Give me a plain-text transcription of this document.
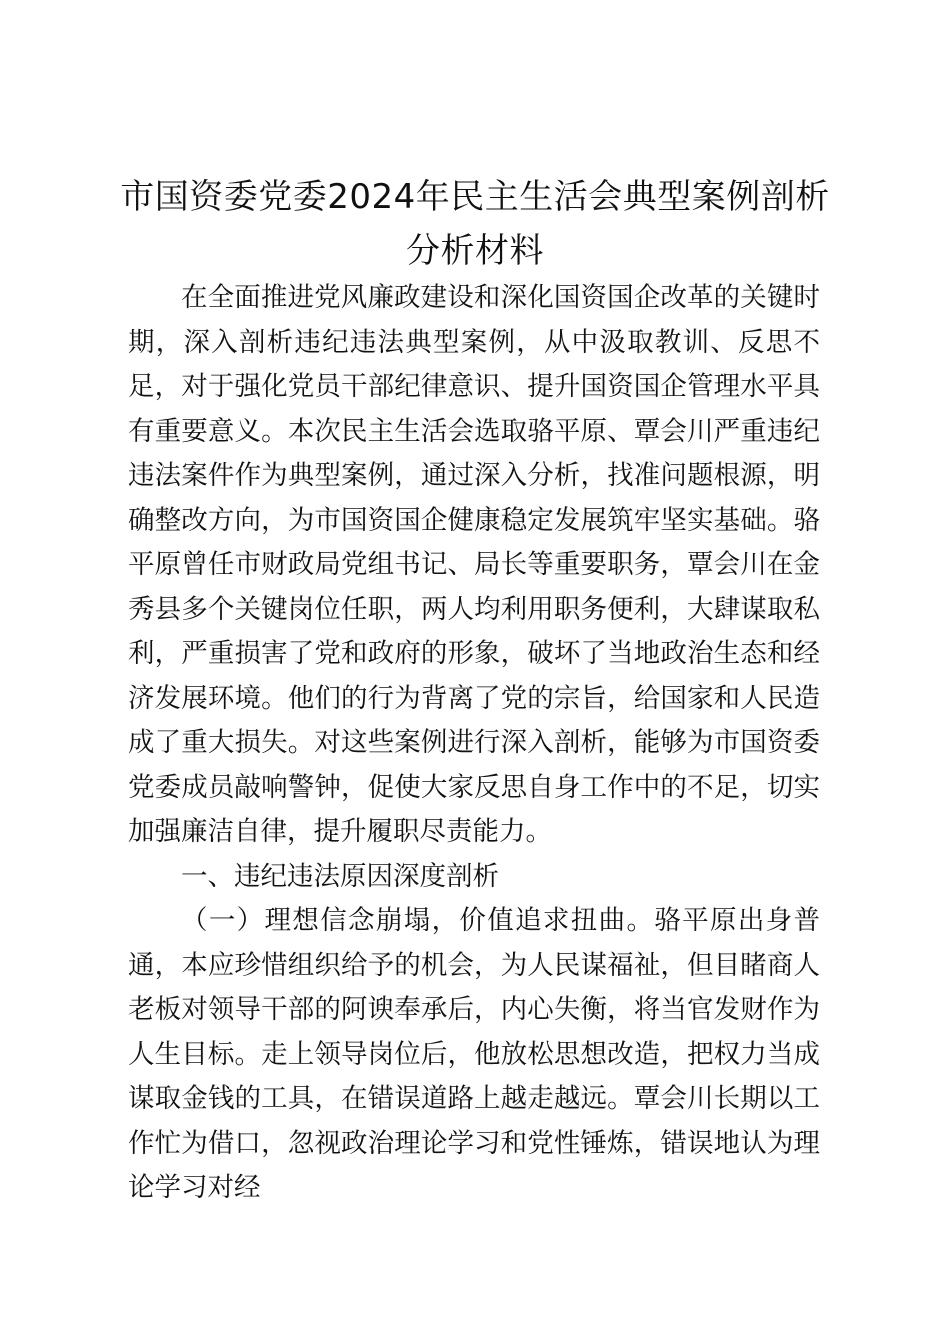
市国资委党委2024年民主生活会典型案例剖析分析材料

在全面推进党风廉政建设和深化国资国企改革的关键时期，深入剖析违纪违法典型案例，从中汲取教训、反思不足，对于强化党员干部纪律意识、提升国资国企管理水平具有重要意义。本次民主生活会选取骆平原、覃会川严重违纪违法案件作为典型案例，通过深入分析，找准问题根源，明确整改方向，为市国资国企健康稳定发展筑牢坚实基础。骆平原曾任市财政局党组书记、局长等重要职务，覃会川在金秀县多个关键岗位任职，两人均利用职务便利，大肆谋取私利，严重损害了党和政府的形象，破坏了当地政治生态和经济发展环境。他们的行为背离了党的宗旨，给国家和人民造成了重大损失。对这些案例进行深入剖析，能够为市国资委党委成员敲响警钟，促使大家反思自身工作中的不足，切实加强廉洁自律，提升履职尽责能力。

一、违纪违法原因深度剖析

（一）理想信念崩塌，价值追求扭曲。骆平原出身普通，本应珍惜组织给予的机会，为人民谋福祉，但目睹商人老板对领导干部的阿谀奉承后，内心失衡，将当官发财作为人生目标。走上领导岗位后，他放松思想改造，把权力当成谋取金钱的工具，在错误道路上越走越远。覃会川长期以工作忙为借口，忽视政治理论学习和党性锤炼，错误地认为理论学习对经
